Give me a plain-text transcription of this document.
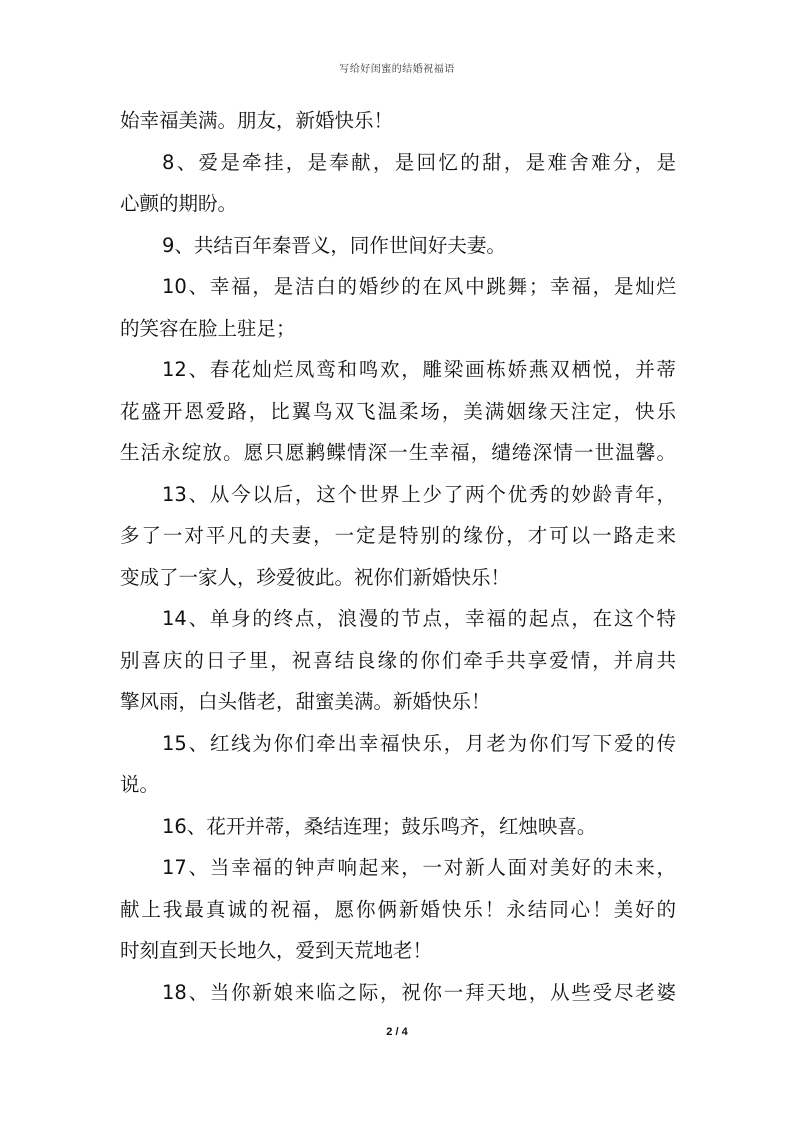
写给好闺蜜的结婚祝福语
始幸福美满。朋友，新婚快乐！
8、爱是牵挂，是奉献，是回忆的甜，是难舍难分，是
心颤的期盼。
9、共结百年秦晋义，同作世间好夫妻。
10、幸福，是洁白的婚纱的在风中跳舞；幸福，是灿烂
的笑容在脸上驻足；
12、春花灿烂凤鸾和鸣欢，雕梁画栋娇燕双栖悦，并蒂
花盛开恩爱路，比翼鸟双飞温柔场，美满姻缘天注定，快乐
生活永绽放。愿只愿鹣鲽情深一生幸福，缱绻深情一世温馨。
13、从今以后，这个世界上少了两个优秀的妙龄青年，
多了一对平凡的夫妻，一定是特别的缘份，才可以一路走来
变成了一家人，珍爱彼此。祝你们新婚快乐！
14、单身的终点，浪漫的节点，幸福的起点，在这个特
别喜庆的日子里，祝喜结良缘的你们牵手共享爱情，并肩共
擎风雨，白头偕老，甜蜜美满。新婚快乐！
15、红线为你们牵出幸福快乐，月老为你们写下爱的传
说。
16、花开并蒂，桑结连理；鼓乐鸣齐，红烛映喜。
17、当幸福的钟声响起来，一对新人面对美好的未来，
献上我最真诚的祝福，愿你俩新婚快乐！永结同心！美好的
时刻直到天长地久，爱到天荒地老！
18、当你新娘来临之际，祝你一拜天地，从些受尽老婆
2 / 4
